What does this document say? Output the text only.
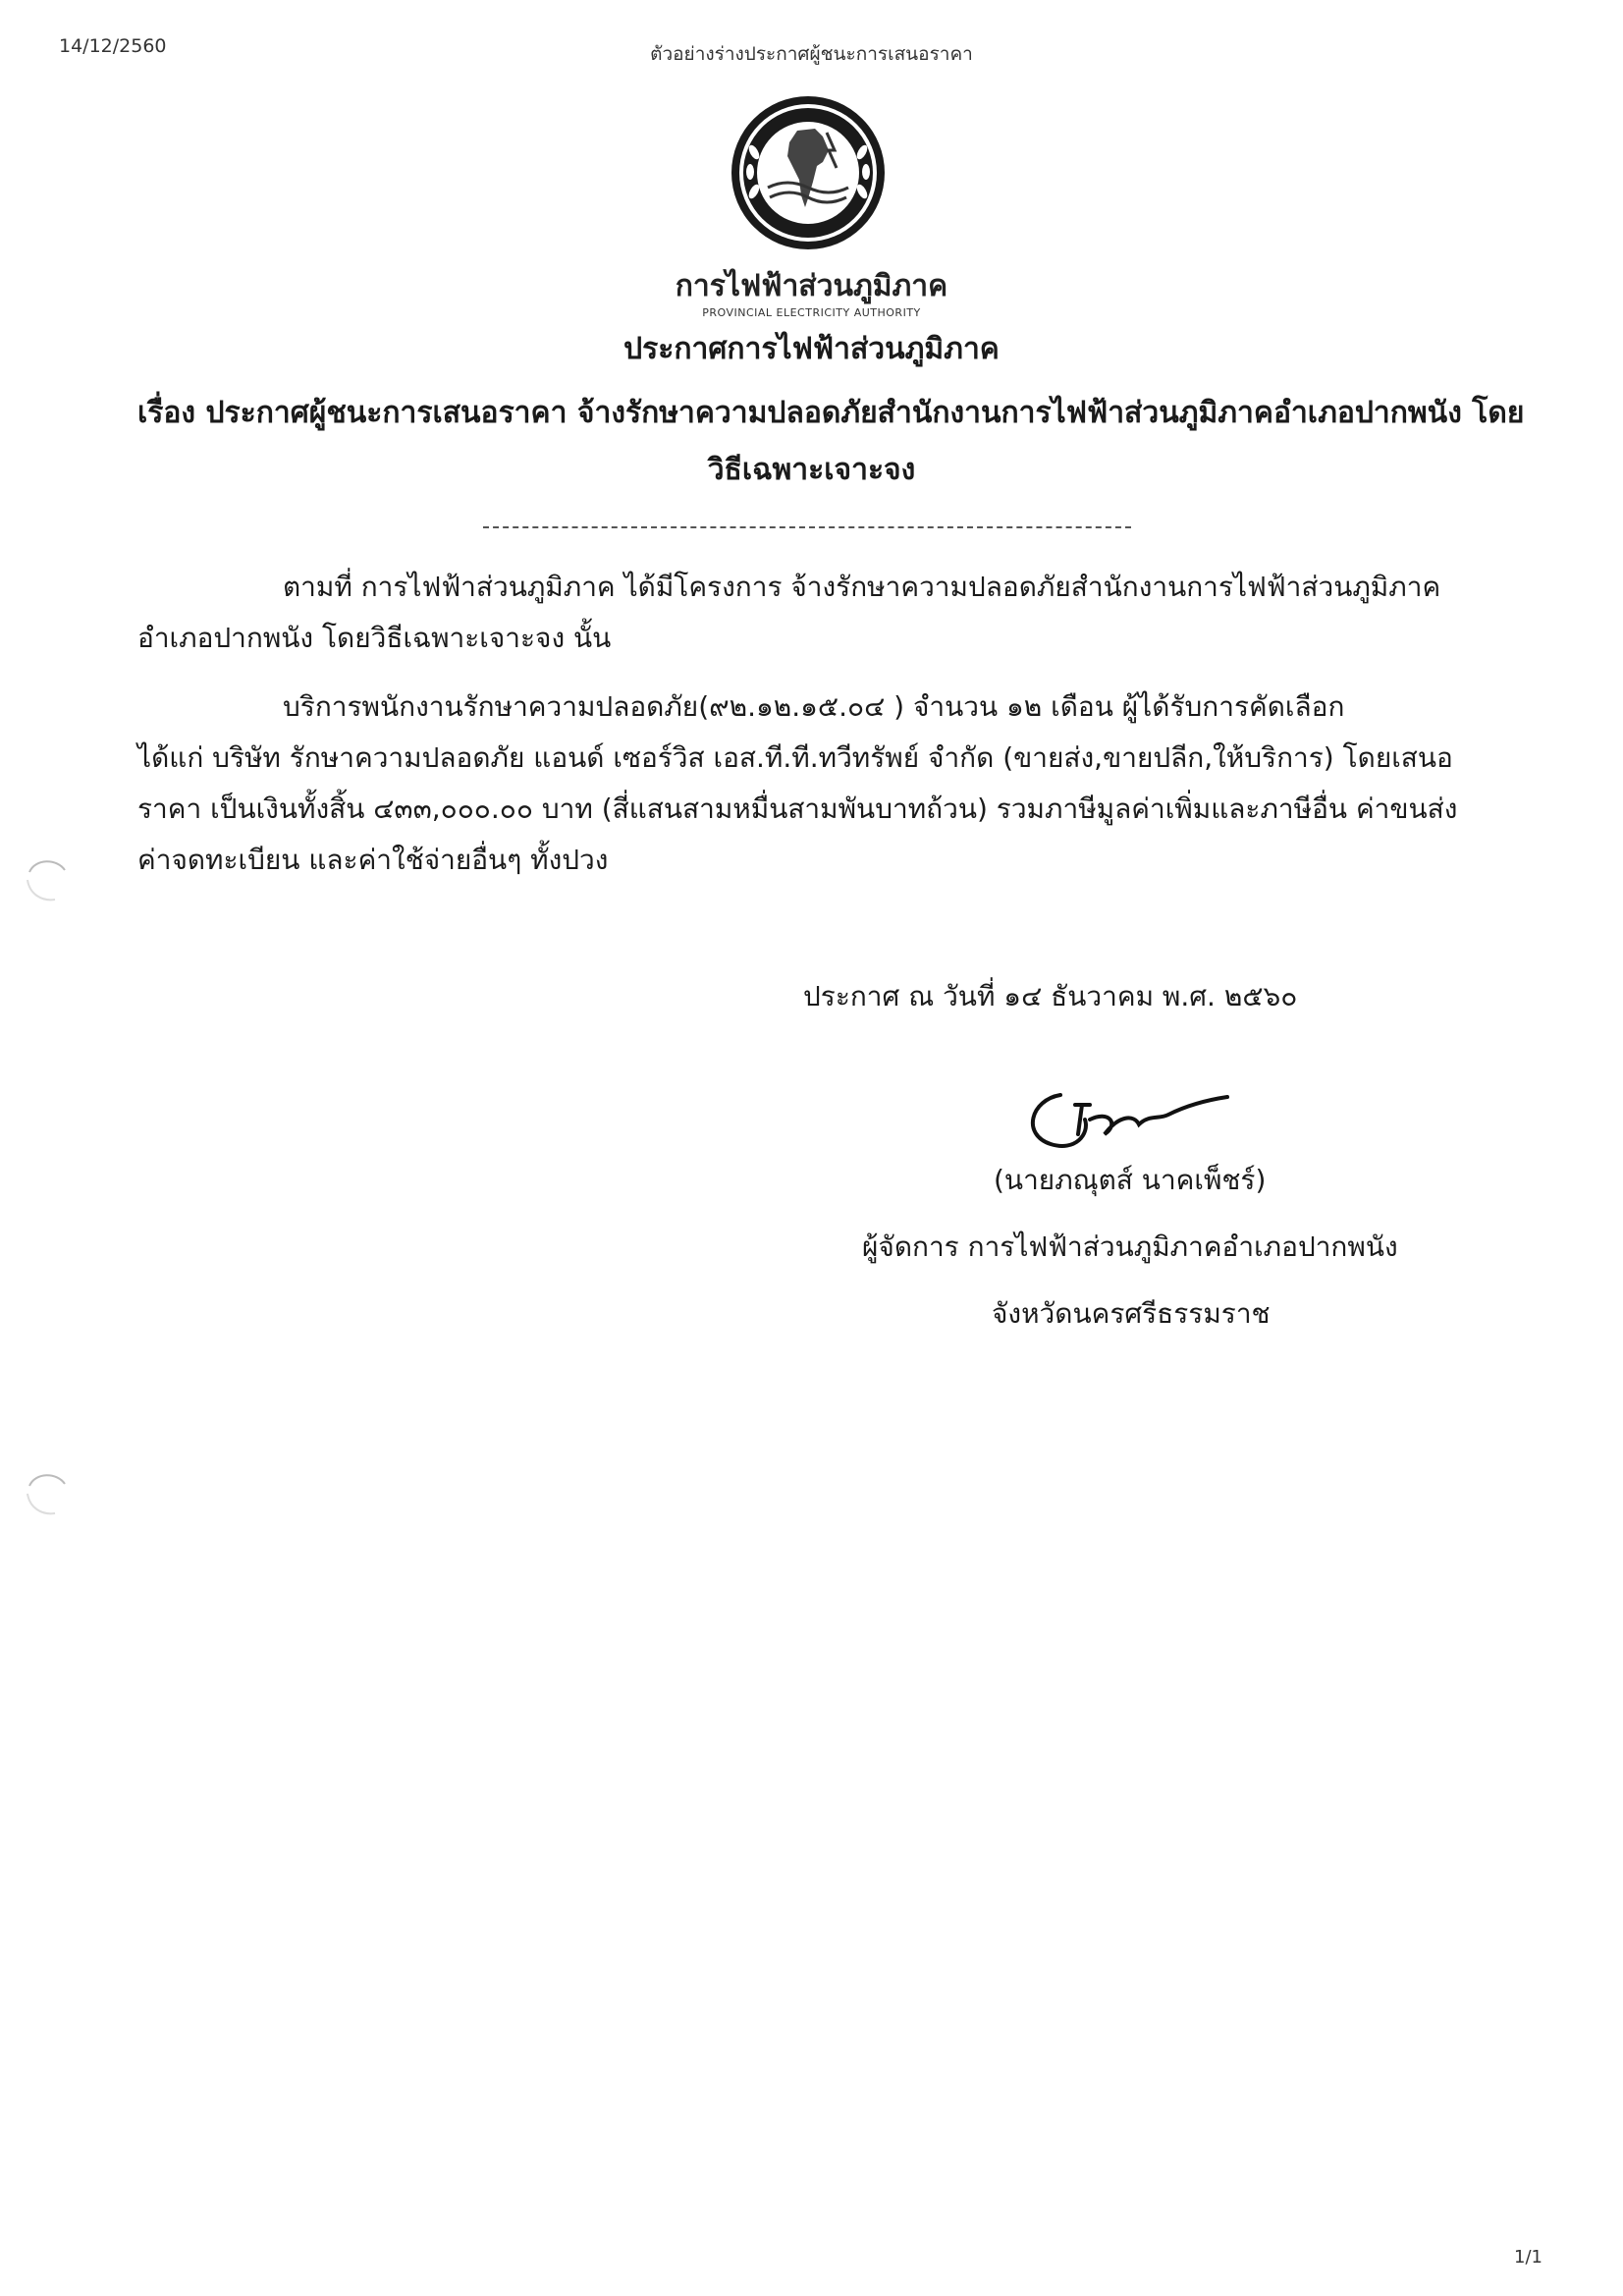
14/12/2560	ตัวอย่างร่างประกาศผู้ชนะการเสนอราคา
การไฟฟ้าส่วนภูมิภาค
PROVINCIAL ELECTRICITY AUTHORITY
ประกาศการไฟฟ้าส่วนภูมิภาค
เรื่อง ประกาศผู้ชนะการเสนอราคา จ้างรักษาความปลอดภัยสำนักงานการไฟฟ้าส่วนภูมิภาคอำเภอปากพนัง โดย
วิธีเฉพาะเจาะจง
ตามที่ การไฟฟ้าส่วนภูมิภาค ได้มีโครงการ จ้างรักษาความปลอดภัยสำนักงานการไฟฟ้าส่วนภูมิภาค
อำเภอปากพนัง โดยวิธีเฉพาะเจาะจง นั้น
บริการพนักงานรักษาความปลอดภัย(๙๒.๑๒.๑๕.๐๔ ) จำนวน ๑๒ เดือน ผู้ได้รับการคัดเลือก
ได้แก่ บริษัท รักษาความปลอดภัย แอนด์ เซอร์วิส เอส.ที.ที.ทวีทรัพย์ จำกัด (ขายส่ง,ขายปลีก,ให้บริการ) โดยเสนอ
ราคา เป็นเงินทั้งสิ้น ๔๓๓,๐๐๐.๐๐ บาท (สี่แสนสามหมื่นสามพันบาทถ้วน) รวมภาษีมูลค่าเพิ่มและภาษีอื่น ค่าขนส่ง
ค่าจดทะเบียน และค่าใช้จ่ายอื่นๆ ทั้งปวง
ประกาศ ณ วันที่ ๑๔ ธันวาคม พ.ศ. ๒๕๖๐
(นายภณุตส์ นาคเพ็ชร์)
ผู้จัดการ การไฟฟ้าส่วนภูมิภาคอำเภอปากพนัง
จังหวัดนครศรีธรรมราช
1/1
